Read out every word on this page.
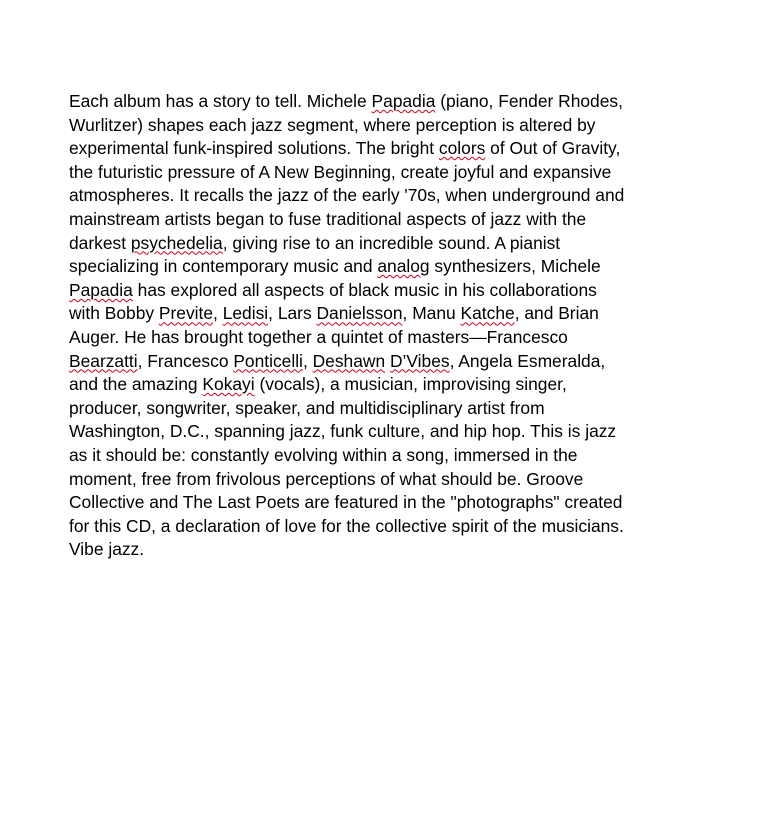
Each album has a story to tell. Michele Papadia (piano, Fender Rhodes,
Wurlitzer) shapes each jazz segment, where perception is altered by
experimental funk-inspired solutions. The bright colors of Out of Gravity,
the futuristic pressure of A New Beginning, create joyful and expansive
atmospheres. It recalls the jazz of the early '70s, when underground and
mainstream artists began to fuse traditional aspects of jazz with the
darkest psychedelia, giving rise to an incredible sound. A pianist
specializing in contemporary music and analog synthesizers, Michele
Papadia has explored all aspects of black music in his collaborations
with Bobby Previte, Ledisi, Lars Danielsson, Manu Katche, and Brian
Auger. He has brought together a quintet of masters—Francesco
Bearzatti, Francesco Ponticelli, Deshawn D’Vibes, Angela Esmeralda,
and the amazing Kokayi (vocals), a musician, improvising singer,
producer, songwriter, speaker, and multidisciplinary artist from
Washington, D.C., spanning jazz, funk culture, and hip hop. This is jazz
as it should be: constantly evolving within a song, immersed in the
moment, free from frivolous perceptions of what should be. Groove
Collective and The Last Poets are featured in the "photographs" created
for this CD, a declaration of love for the collective spirit of the musicians.
Vibe jazz.
